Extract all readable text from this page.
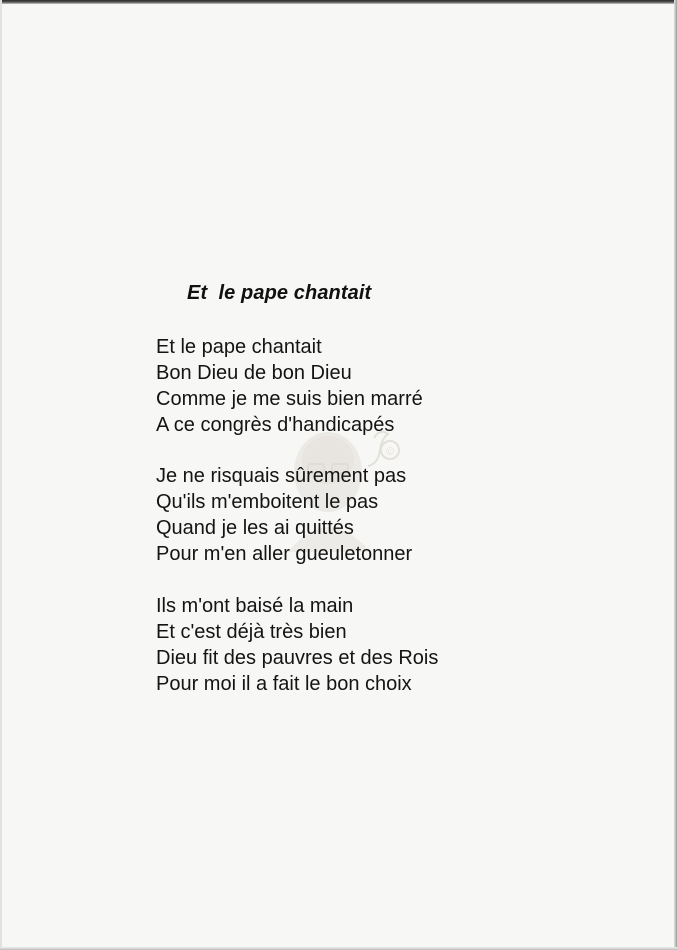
©
Et  le pape chantait
Et le pape chantait
Bon Dieu de bon Dieu
Comme je me suis bien marré
A ce congrès d'handicapés
Je ne risquais sûrement pas
Qu'ils m'emboitent le pas
Quand je les ai quittés
Pour m'en aller gueuletonner
Ils m'ont baisé la main
Et c'est déjà très bien
Dieu fit des pauvres et des Rois
Pour moi il a fait le bon choix
